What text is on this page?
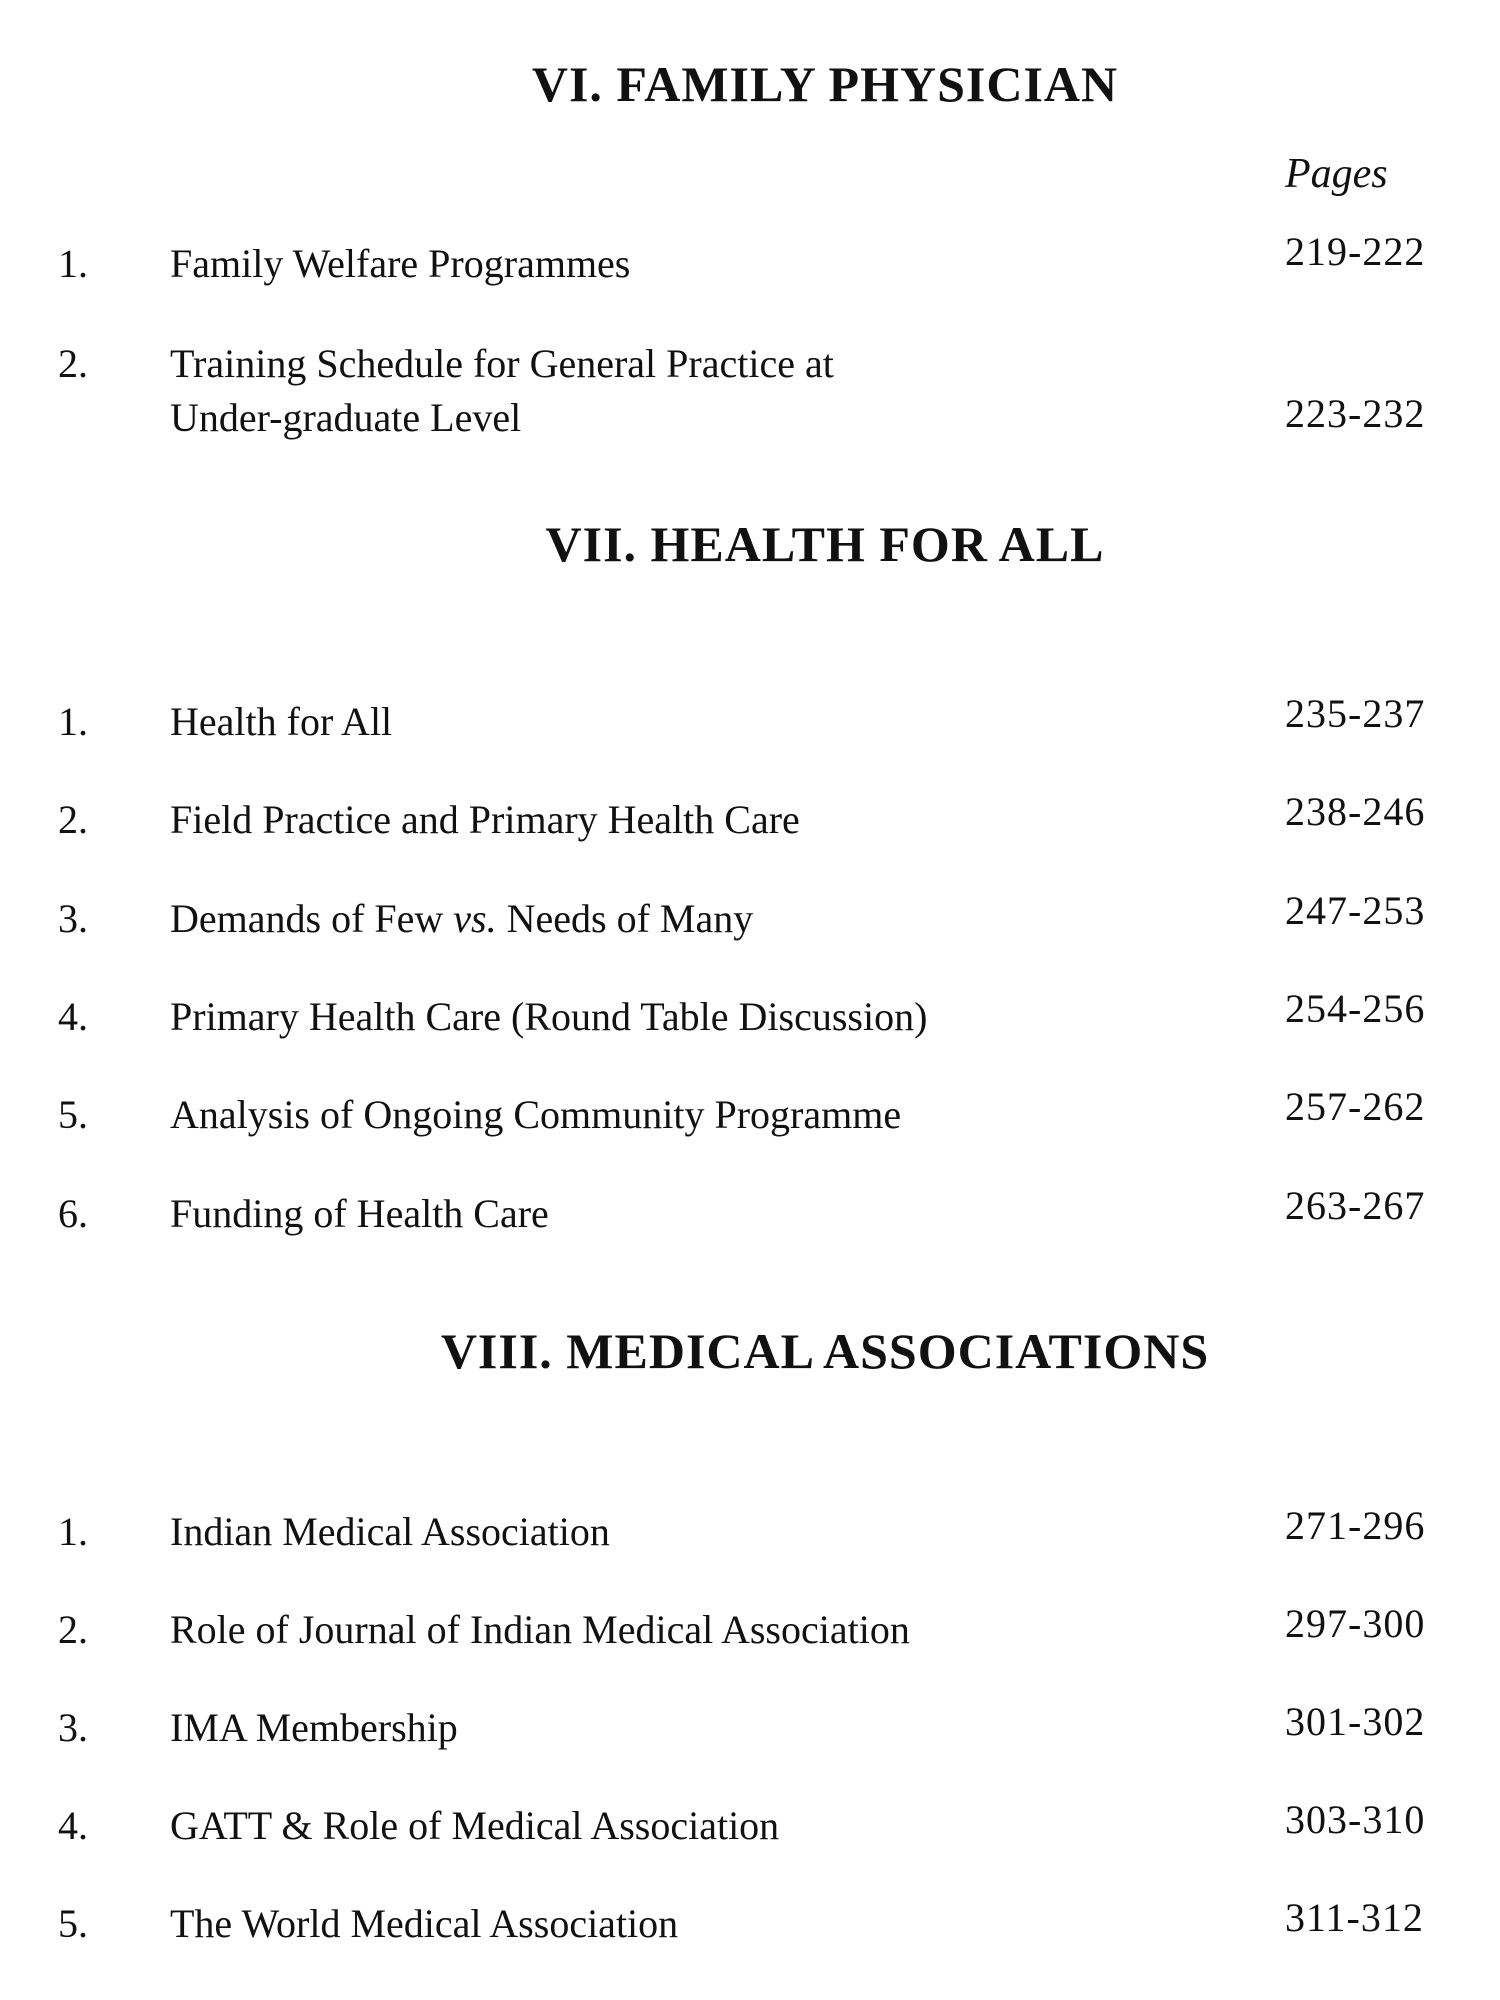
VI. FAMILY PHYSICIAN
Pages
1. Family Welfare Programmes	219-222
2. Training Schedule for General Practice at
Under-graduate Level	223-232
VII. HEALTH FOR ALL
1. Health for All	235-237
2. Field Practice and Primary Health Care	238-246
3. Demands of Few vs. Needs of Many	247-253
4. Primary Health Care (Round Table Discussion)	254-256
5. Analysis of Ongoing Community Programme	257-262
6. Funding of Health Care	263-267
VIII. MEDICAL ASSOCIATIONS
1. Indian Medical Association	271-296
2. Role of Journal of Indian Medical Association	297-300
3. IMA Membership	301-302
4. GATT & Role of Medical Association	303-310
5. The World Medical Association	311-312
